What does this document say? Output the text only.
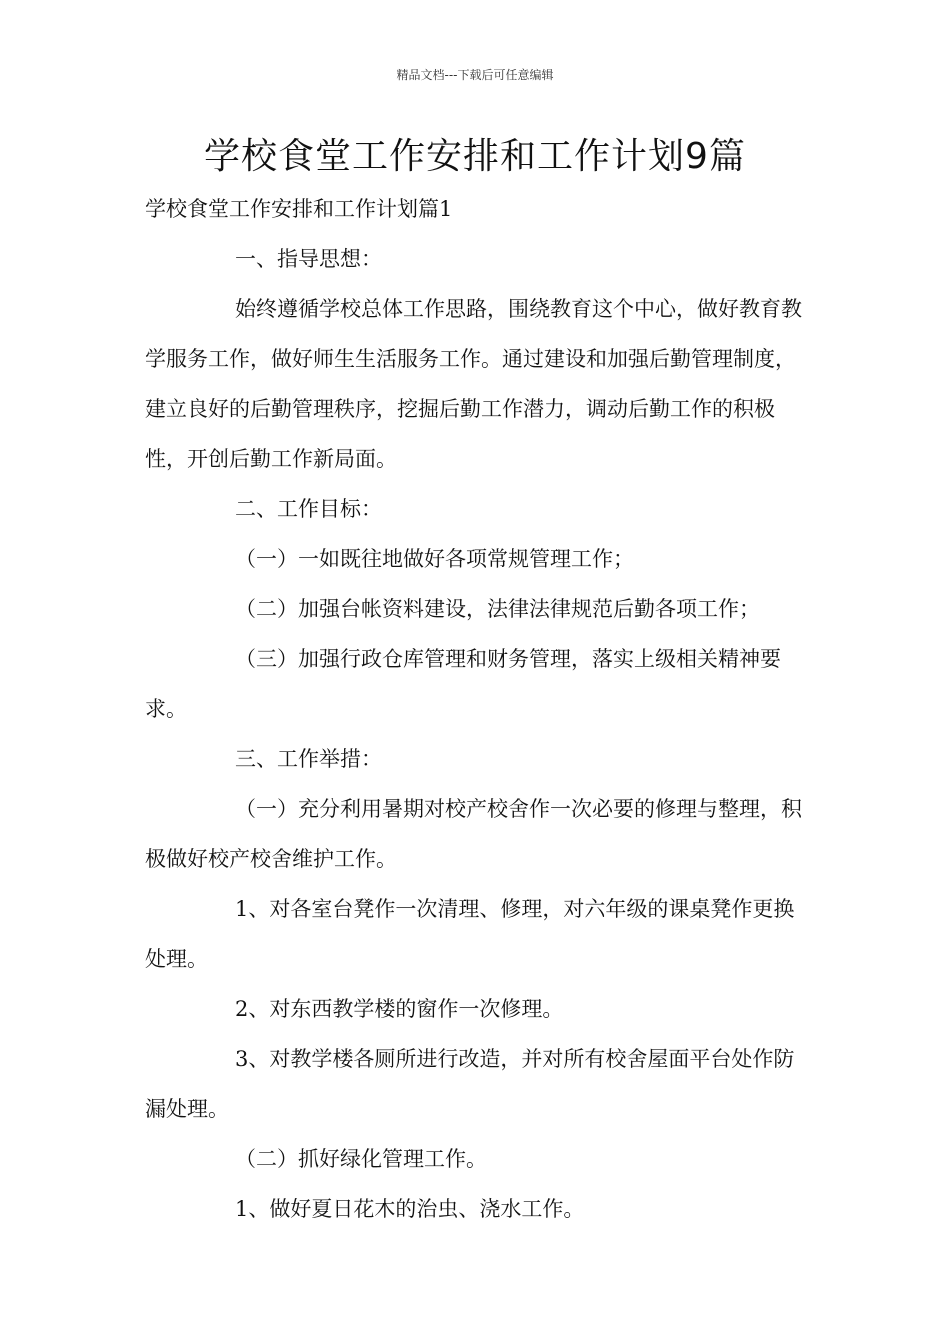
精品文档---下载后可任意编辑
学校食堂工作安排和工作计划9篇

学校食堂工作安排和工作计划篇1

一、指导思想：

始终遵循学校总体工作思路，围绕教育这个中心，做好教育教学服务工作，做好师生生活服务工作。通过建设和加强后勤管理制度，建立良好的后勤管理秩序，挖掘后勤工作潜力，调动后勤工作的积极性，开创后勤工作新局面。

二、工作目标：

（一）一如既往地做好各项常规管理工作；

（二）加强台帐资料建设，法律法律规范后勤各项工作；

（三）加强行政仓库管理和财务管理，落实上级相关精神要求。

三、工作举措：

（一）充分利用暑期对校产校舍作一次必要的修理与整理，积极做好校产校舍维护工作。

1、对各室台凳作一次清理、修理，对六年级的课桌凳作更换处理。

2、对东西教学楼的窗作一次修理。

3、对教学楼各厕所进行改造，并对所有校舍屋面平台处作防漏处理。

（二）抓好绿化管理工作。

1、做好夏日花木的治虫、浇水工作。
